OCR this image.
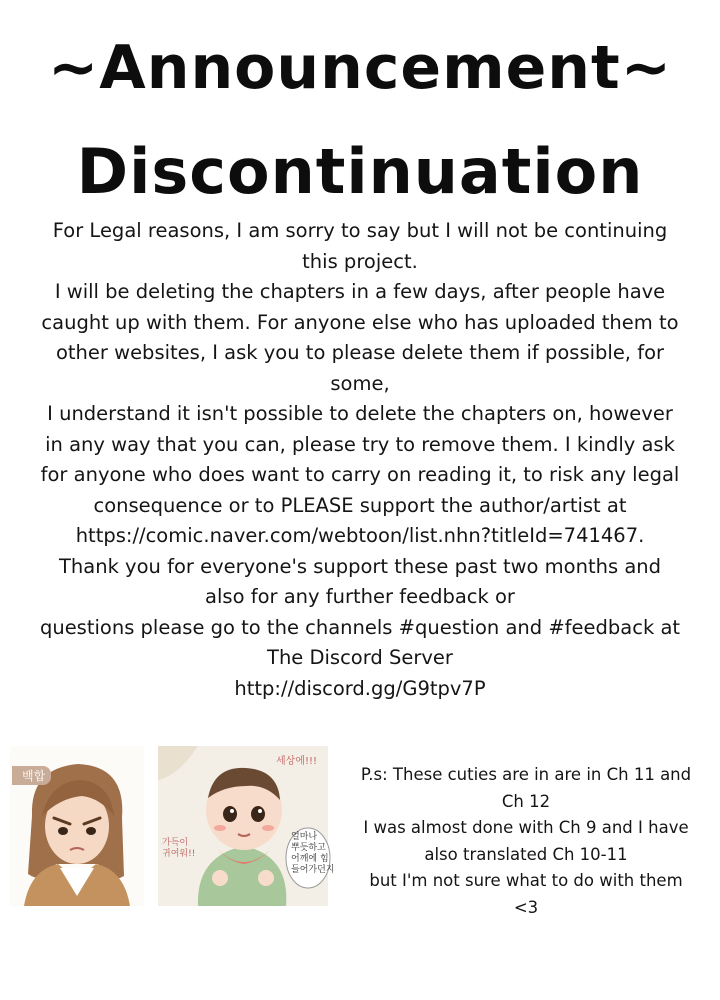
~Announcement~
Discontinuation
For Legal reasons, I am sorry to say but I will not be continuing
this project.
I will be deleting the chapters in a few days, after people have
caught up with them. For anyone else who has uploaded them to
other websites, I ask you to please delete them if possible, for
some,
I understand it isn't possible to delete the chapters on, however
in any way that you can, please try to remove them. I kindly ask
for anyone who does want to carry on reading it, to risk any legal
consequence or to PLEASE support the author/artist at
https://comic.naver.com/webtoon/list.nhn?titleId=741467.
Thank you for everyone's support these past two months and
also for any further feedback or
questions please go to the channels #question and #feedback at
The Discord Server
http://discord.gg/G9tpv7P
백합
세상에!!!
얼마나
뿌듯하고
어깨에 힘
들어가던지
가득이
귀여워!!
P.s: These cuties are in are in Ch 11 and
Ch 12
I was almost done with Ch 9 and I have
also translated Ch 10-11
but I'm not sure what to do with them
<3
